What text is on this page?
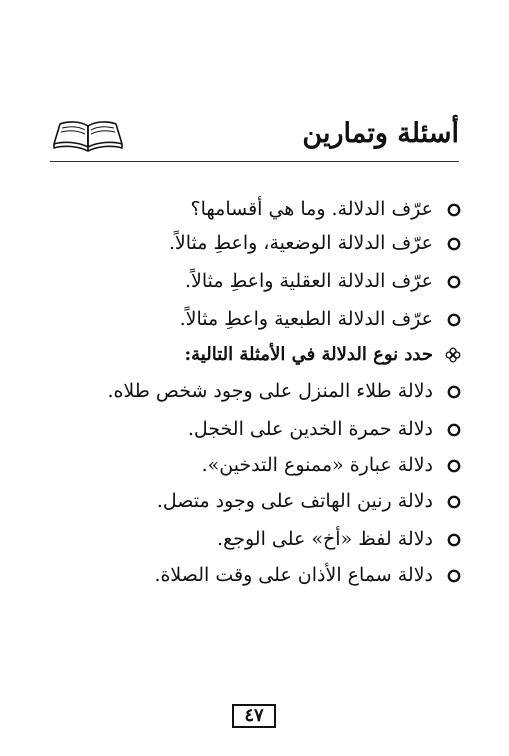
أسئلة وتمارين
عرّف الدلالة. وما هي أقسامها؟
عرّف الدلالة الوضعية، واعطِ مثالاً.
عرّف الدلالة العقلية واعطِ مثالاً.
عرّف الدلالة الطبعية واعطِ مثالاً.
حدد نوع الدلالة في الأمثلة التالية:
دلالة طلاء المنزل على وجود شخص طلاه.
دلالة حمرة الخدين على الخجل.
دلالة عبارة «ممنوع التدخين».
دلالة رنين الهاتف على وجود متصل.
دلالة لفظ «أخ» على الوجع.
دلالة سماع الأذان على وقت الصلاة.
٤٧
